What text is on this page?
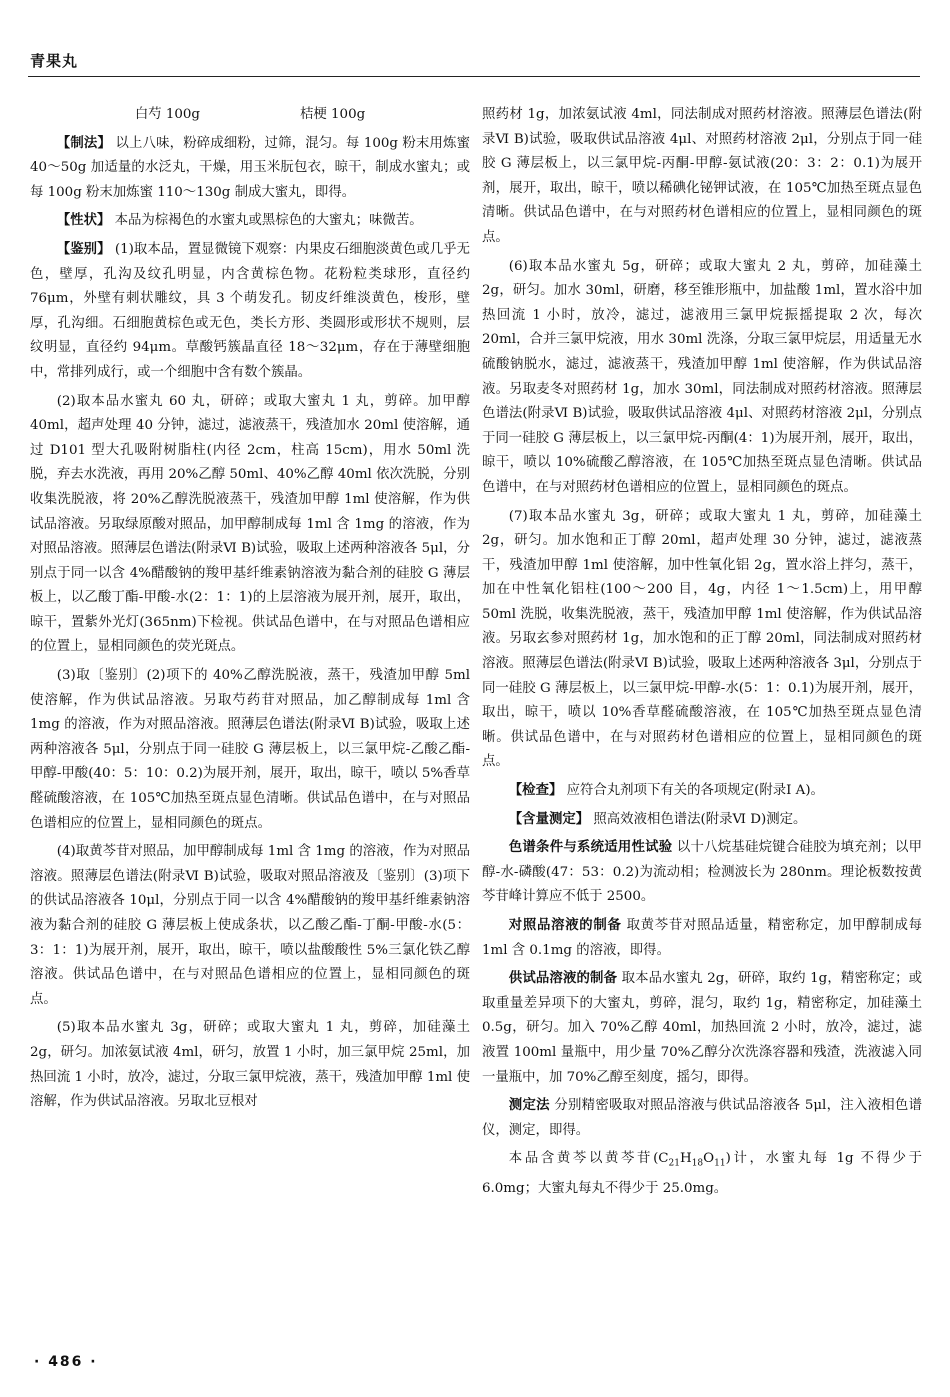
青果丸
白芍 100g	桔梗 100g

【制法】 以上八味，粉碎成细粉，过筛，混匀。每 100g 粉末用炼蜜 40～50g 加适量的水泛丸，干燥，用玉米朊包衣，晾干，制成水蜜丸；或每 100g 粉末加炼蜜 110～130g 制成大蜜丸，即得。

【性状】 本品为棕褐色的水蜜丸或黑棕色的大蜜丸；味微苦。

【鉴别】 (1)取本品，置显微镜下观察：内果皮石细胞淡黄色或几乎无色，壁厚，孔沟及纹孔明显，内含黄棕色物。花粉粒类球形，直径约 76μm，外壁有刺状雕纹，具 3 个萌发孔。韧皮纤维淡黄色，梭形，壁厚，孔沟细。石细胞黄棕色或无色，类长方形、类圆形或形状不规则，层纹明显，直径约 94μm。草酸钙簇晶直径 18～32μm，存在于薄壁细胞中，常排列成行，或一个细胞中含有数个簇晶。

(2)取本品水蜜丸 60 丸，研碎；或取大蜜丸 1 丸，剪碎。加甲醇 40ml，超声处理 40 分钟，滤过，滤液蒸干，残渣加水 20ml 使溶解，通过 D101 型大孔吸附树脂柱(内径 2cm，柱高 15cm)，用水 50ml 洗脱，弃去水洗液，再用 20%乙醇 50ml、40%乙醇 40ml 依次洗脱，分别收集洗脱液，将 20%乙醇洗脱液蒸干，残渣加甲醇 1ml 使溶解，作为供试品溶液。另取绿原酸对照品，加甲醇制成每 1ml 含 1mg 的溶液，作为对照品溶液。照薄层色谱法(附录Ⅵ B)试验，吸取上述两种溶液各 5μl，分别点于同一以含 4%醋酸钠的羧甲基纤维素钠溶液为黏合剂的硅胶 G 薄层板上，以乙酸丁酯-甲酸-水(2：1：1)的上层溶液为展开剂，展开，取出，晾干，置紫外光灯(365nm)下检视。供试品色谱中，在与对照品色谱相应的位置上，显相同颜色的荧光斑点。

(3)取〔鉴别〕(2)项下的 40%乙醇洗脱液，蒸干，残渣加甲醇 5ml 使溶解，作为供试品溶液。另取芍药苷对照品，加乙醇制成每 1ml 含 1mg 的溶液，作为对照品溶液。照薄层色谱法(附录Ⅵ B)试验，吸取上述两种溶液各 5μl，分别点于同一硅胶 G 薄层板上，以三氯甲烷-乙酸乙酯-甲醇-甲酸(40：5：10：0.2)为展开剂，展开，取出，晾干，喷以 5%香草醛硫酸溶液，在 105℃加热至斑点显色清晰。供试品色谱中，在与对照品色谱相应的位置上，显相同颜色的斑点。

(4)取黄芩苷对照品，加甲醇制成每 1ml 含 1mg 的溶液，作为对照品溶液。照薄层色谱法(附录Ⅵ B)试验，吸取对照品溶液及〔鉴别〕(3)项下的供试品溶液各 10μl，分别点于同一以含 4%醋酸钠的羧甲基纤维素钠溶液为黏合剂的硅胶 G 薄层板上使成条状，以乙酸乙酯-丁酮-甲酸-水(5：3：1：1)为展开剂，展开，取出，晾干，喷以盐酸酸性 5%三氯化铁乙醇溶液。供试品色谱中，在与对照品色谱相应的位置上，显相同颜色的斑点。

(5)取本品水蜜丸 3g，研碎；或取大蜜丸 1 丸，剪碎，加硅藻土 2g，研匀。加浓氨试液 4ml，研匀，放置 1 小时，加三氯甲烷 25ml，加热回流 1 小时，放冷，滤过，分取三氯甲烷液，蒸干，残渣加甲醇 1ml 使溶解，作为供试品溶液。另取北豆根对

照药材 1g，加浓氨试液 4ml，同法制成对照药材溶液。照薄层色谱法(附录Ⅵ B)试验，吸取供试品溶液 4μl、对照药材溶液 2μl，分别点于同一硅胶 G 薄层板上，以三氯甲烷-丙酮-甲醇-氨试液(20：3：2：0.1)为展开剂，展开，取出，晾干，喷以稀碘化铋钾试液，在 105℃加热至斑点显色清晰。供试品色谱中，在与对照药材色谱相应的位置上，显相同颜色的斑点。

(6)取本品水蜜丸 5g，研碎；或取大蜜丸 2 丸，剪碎，加硅藻土 2g，研匀。加水 30ml，研磨，移至锥形瓶中，加盐酸 1ml，置水浴中加热回流 1 小时，放冷，滤过，滤液用三氯甲烷振摇提取 2 次，每次 20ml，合并三氯甲烷液，用水 30ml 洗涤，分取三氯甲烷层，用适量无水硫酸钠脱水，滤过，滤液蒸干，残渣加甲醇 1ml 使溶解，作为供试品溶液。另取麦冬对照药材 1g，加水 30ml，同法制成对照药材溶液。照薄层色谱法(附录Ⅵ B)试验，吸取供试品溶液 4μl、对照药材溶液 2μl，分别点于同一硅胶 G 薄层板上，以三氯甲烷-丙酮(4：1)为展开剂，展开，取出，晾干，喷以 10%硫酸乙醇溶液，在 105℃加热至斑点显色清晰。供试品色谱中，在与对照药材色谱相应的位置上，显相同颜色的斑点。

(7)取本品水蜜丸 3g，研碎；或取大蜜丸 1 丸，剪碎，加硅藻土 2g，研匀。加水饱和正丁醇 20ml，超声处理 30 分钟，滤过，滤液蒸干，残渣加甲醇 1ml 使溶解，加中性氧化铝 2g，置水浴上拌匀，蒸干，加在中性氧化铝柱(100～200 目，4g，内径 1～1.5cm)上，用甲醇 50ml 洗脱，收集洗脱液，蒸干，残渣加甲醇 1ml 使溶解，作为供试品溶液。另取玄参对照药材 1g，加水饱和的正丁醇 20ml，同法制成对照药材溶液。照薄层色谱法(附录Ⅵ B)试验，吸取上述两种溶液各 3μl，分别点于同一硅胶 G 薄层板上，以三氯甲烷-甲醇-水(5：1：0.1)为展开剂，展开，取出，晾干，喷以 10%香草醛硫酸溶液，在 105℃加热至斑点显色清晰。供试品色谱中，在与对照药材色谱相应的位置上，显相同颜色的斑点。

【检查】 应符合丸剂项下有关的各项规定(附录Ⅰ A)。

【含量测定】 照高效液相色谱法(附录Ⅵ D)测定。

色谱条件与系统适用性试验 以十八烷基硅烷键合硅胶为填充剂；以甲醇-水-磷酸(47：53：0.2)为流动相；检测波长为 280nm。理论板数按黄芩苷峰计算应不低于 2500。

对照品溶液的制备 取黄芩苷对照品适量，精密称定，加甲醇制成每 1ml 含 0.1mg 的溶液，即得。

供试品溶液的制备 取本品水蜜丸 2g，研碎，取约 1g，精密称定；或取重量差异项下的大蜜丸，剪碎，混匀，取约 1g，精密称定，加硅藻土 0.5g，研匀。加入 70%乙醇 40ml，加热回流 2 小时，放冷，滤过，滤液置 100ml 量瓶中，用少量 70%乙醇分次洗涤容器和残渣，洗液滤入同一量瓶中，加 70%乙醇至刻度，摇匀，即得。

测定法 分别精密吸取对照品溶液与供试品溶液各 5μl，注入液相色谱仪，测定，即得。

本品含黄芩以黄芩苷$(C_{21}H_{18}O_{11})$计，水蜜丸每 1g 不得少于 6.0mg；大蜜丸每丸不得少于 25.0mg。

· 486 ·
